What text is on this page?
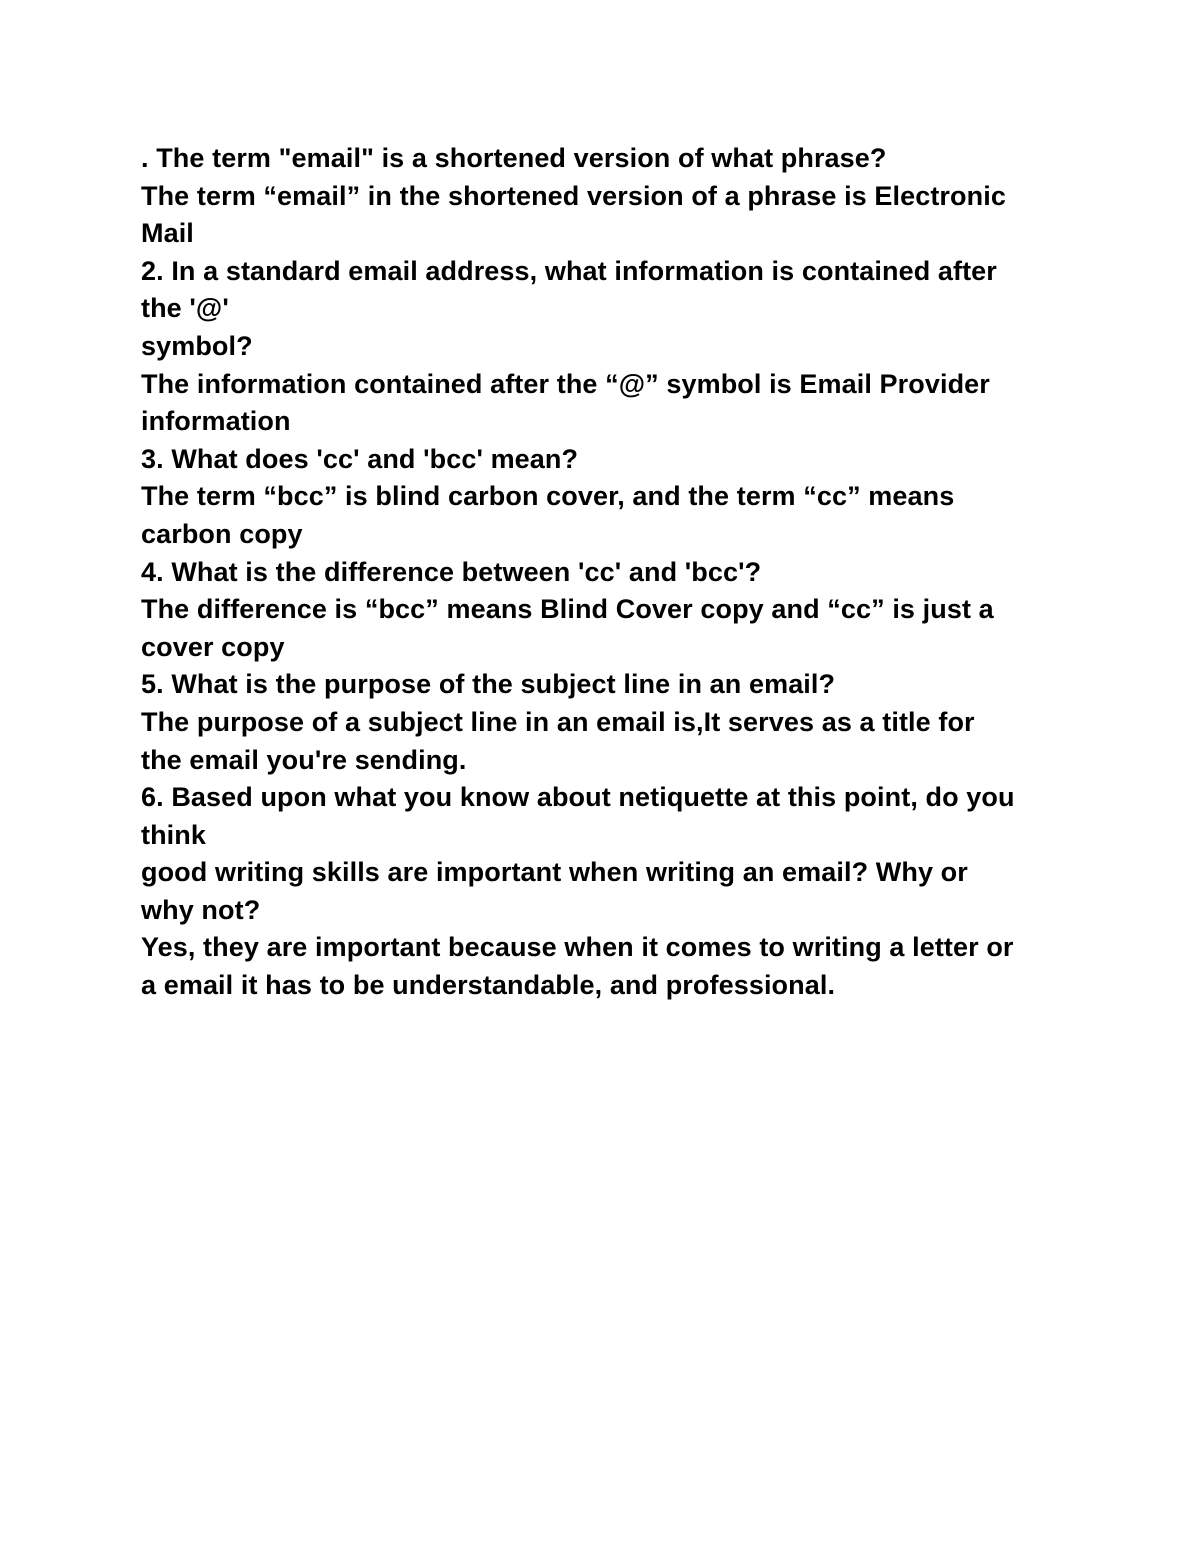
. The term "email" is a shortened version of what phrase?
The term “email” in the shortened version of a phrase is Electronic
Mail
2. In a standard email address, what information is contained after
the '@'
symbol?
The information contained after the “@” symbol is Email Provider
information
3. What does 'cc' and 'bcc' mean?
The term “bcc” is blind carbon cover, and the term “cc” means
carbon copy
4. What is the difference between 'cc' and 'bcc'?
The difference is “bcc” means Blind Cover copy and “cc” is just a
cover copy
5. What is the purpose of the subject line in an email?
The purpose of a subject line in an email is,It serves as a title for
the email you're sending.
6. Based upon what you know about netiquette at this point, do you
think
good writing skills are important when writing an email? Why or
why not?
Yes, they are important because when it comes to writing a letter or
a email it has to be understandable, and professional.
